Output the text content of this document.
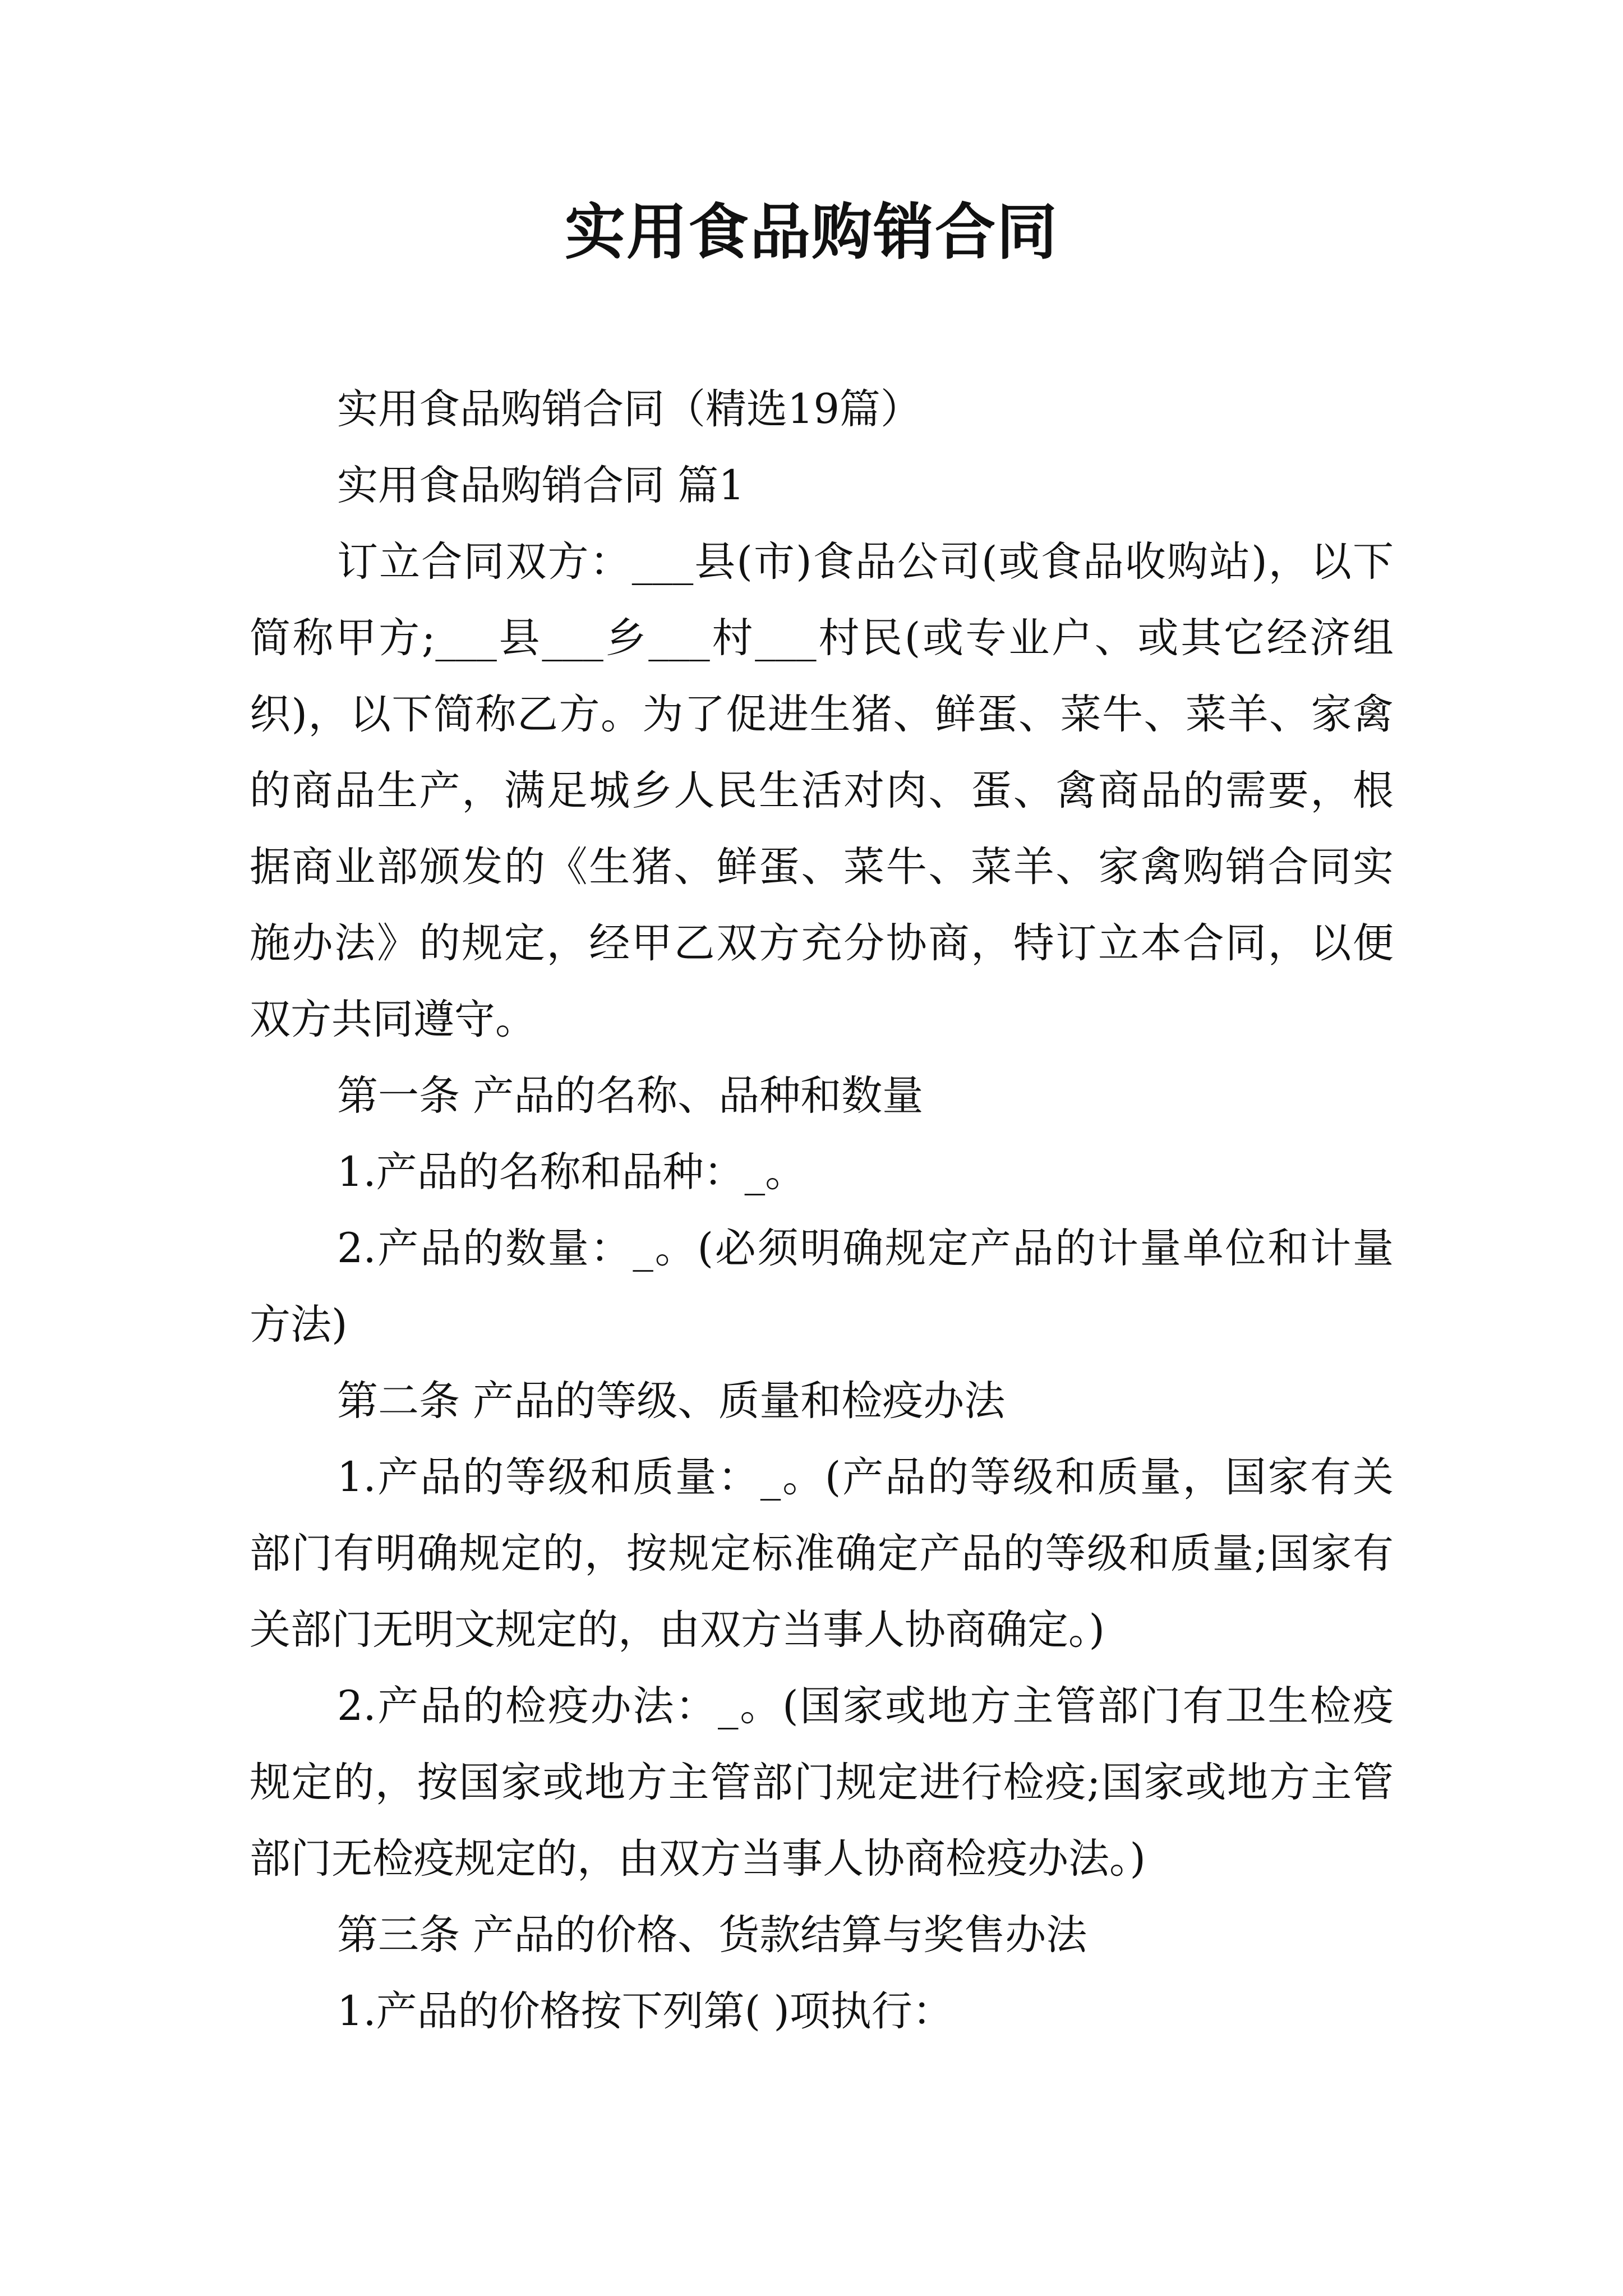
实用食品购销合同

实用食品购销合同（精选19篇）

实用食品购销合同 篇1

订立合同双方：___县(市)食品公司(或食品收购站)，以下简称甲方;___县___乡___村___村民(或专业户、或其它经济组织)，以下简称乙方。为了促进生猪、鲜蛋、菜牛、菜羊、家禽的商品生产，满足城乡人民生活对肉、蛋、禽商品的需要，根据商业部颁发的《生猪、鲜蛋、菜牛、菜羊、家禽购销合同实施办法》的规定，经甲乙双方充分协商，特订立本合同，以便双方共同遵守。

第一条 产品的名称、品种和数量

1.产品的名称和品种：_。

2.产品的数量：_。(必须明确规定产品的计量单位和计量方法)

第二条 产品的等级、质量和检疫办法

1.产品的等级和质量：_。(产品的等级和质量，国家有关部门有明确规定的，按规定标准确定产品的等级和质量;国家有关部门无明文规定的，由双方当事人协商确定。)

2.产品的检疫办法：_。(国家或地方主管部门有卫生检疫规定的，按国家或地方主管部门规定进行检疫;国家或地方主管部门无检疫规定的，由双方当事人协商检疫办法。)

第三条 产品的价格、货款结算与奖售办法

1.产品的价格按下列第( )项执行：
